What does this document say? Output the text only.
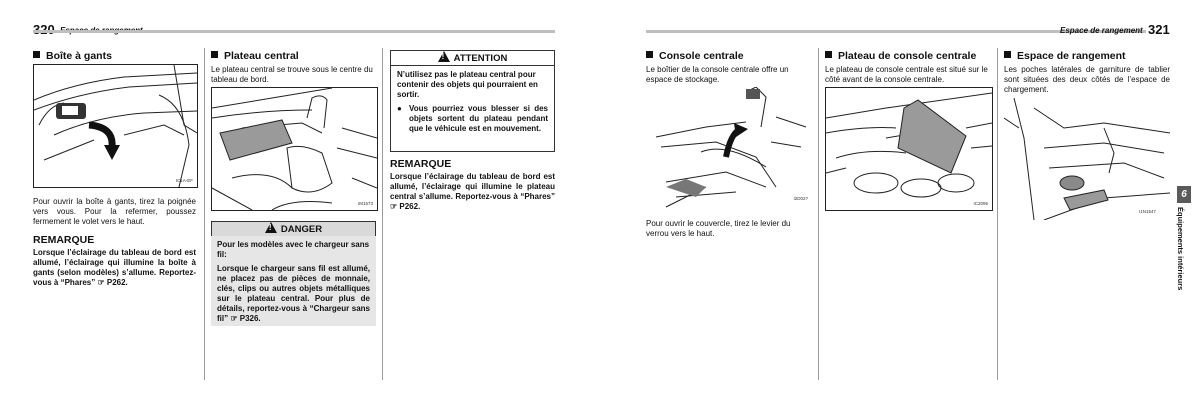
Boîte à gants
IC1A-EF
Pour ouvrir la boîte à gants, tirez la poignée vers vous. Pour la refermer, poussez fermement le volet vers le haut.
REMARQUE
Lorsque l’éclairage du tableau de bord est allumé, l’éclairage qui illumine la boîte à gants (selon modèles) s’allume. Reportez-vous à “Phares” ☞ P262.
Plateau central
Le plateau central se trouve sous le centre du tableau de bord.
IM1573
! DANGER
Pour les modèles avec le chargeur sans fil:
Lorsque le chargeur sans fil est allumé, ne placez pas de pièces de monnaie, clés, clips ou autres objets métalliques sur le plateau central. Pour plus de détails, reportez-vous à “Chargeur sans fil” ☞ P326.
! ATTENTION
N’utilisez pas le plateau central pour contenir des objets qui pourraient en sortir.
● Vous pourriez vous blesser si des objets sortent du plateau pendant que le véhicule est en mouvement.
REMARQUE
Lorsque l’éclairage du tableau de bord est allumé, l’éclairage qui illumine le plateau central s’allume. Reportez-vous à “Phares” ☞ P262.
Espace de rangement 321
Console centrale
Le boîtier de la console centrale offre un espace de stockage.
I2D02?
Pour ouvrir le couvercle, tirez le levier du verrou vers le haut.
Plateau de console centrale
Le plateau de console centrale est situé sur le côté avant de la console centrale.
IC2095
Espace de rangement
Les poches latérales de garniture de tablier sont situées des deux côtés de l’espace de chargement.
I1N1547
6
Équipements intérieurs
